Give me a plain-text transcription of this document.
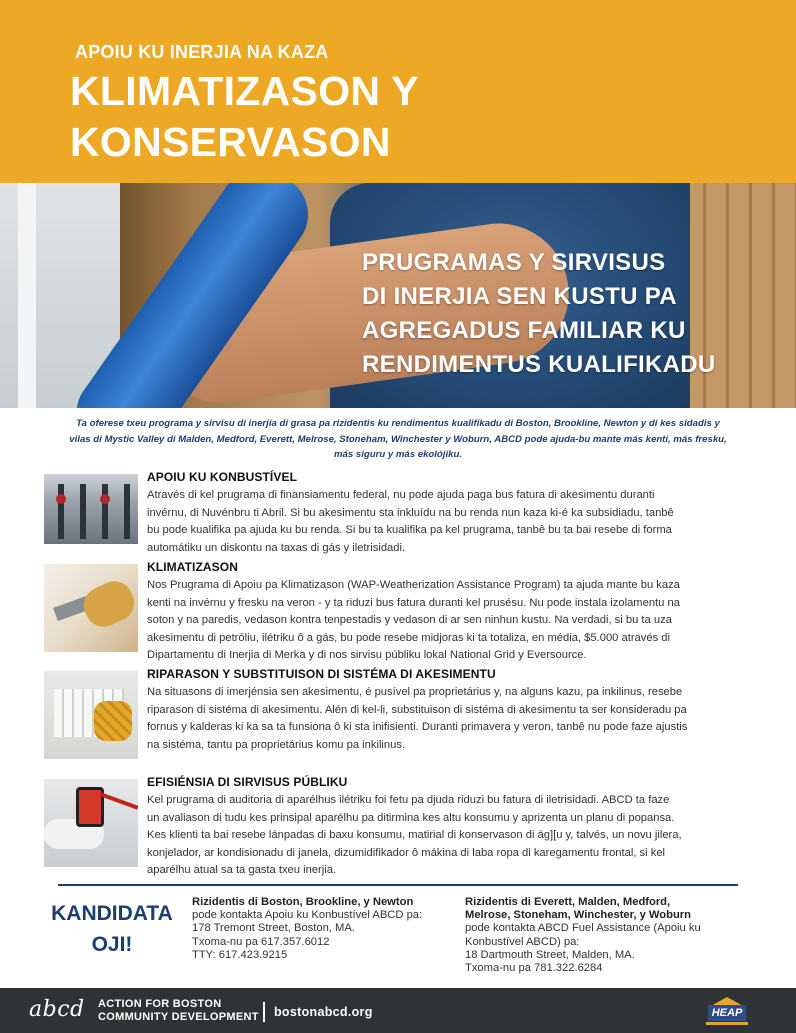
APOIU KU INERJIA NA KAZA
KLIMATIZASON Y
KONSERVASON
PRUGRAMAS Y SIRVISUS
DI INERJIA SEN KUSTU PA
AGREGADUS FAMILIAR KU
RENDIMENTUS KUALIFIKADU
Ta oferese txeu programa y sirvisu di inerjia di grasa pa rizidentis ku rendimentus kualifikadu di Boston, Brookline, Newton y di kes sidadis y
vilas di Mystic Valley di Malden, Medford, Everett, Melrose, Stoneham, Winchester y Woburn, ABCD pode ajuda-bu mante más kenti, más fresku,
más siguru y más ekolójiku.
APOIU KU KONBUSTÍVEL

Através di kel prugrama di finansiamentu federal, nu pode ajuda paga bus fatura di akesimentu duranti
invérnu, di Nuvénbru ti Abril. Si bu akesimentu sta inkluídu na bu renda nun kaza ki-é ka subsidiadu, tanbê
bu pode kualifika pa ajuda ku bu renda. Si bu ta kualifika pa kel prugrama, tanbê bu ta bai resebe di forma
automátiku un diskontu na taxas di gás y iletrisidadi.

KLIMATIZASON

Nos Prugrama di Apoiu pa Klimatizason (WAP-Weatherization Assistance Program) ta ajuda mante bu kaza
kenti na invérnu y fresku na veron - y ta riduzi bus fatura duranti kel prusésu. Nu pode instala izolamentu na
soton y na paredis, vedason kontra tenpestadis y vedason di ar sen ninhun kustu. Na verdadi, si bu ta uza
akesimentu di petróliu, ilétriku ô a gás, bu pode resebe midjoras ki ta totaliza, en média, $5.000 através di
Dipartamentu di Inerjia di Merka y di nos sirvisu públiku lokal National Grid y Eversource.

RIPARASON Y SUBSTITUISON DI SISTÉMA DI AKESIMENTU

Na situasons di imerjénsia sen akesimentu, é pusível pa proprietárius y, na alguns kazu, pa inkilinus, resebe
riparason di sistéma di akesimentu. Alén di kel-li, substituison di sistéma di akesimentu ta ser konsideradu pa
fornus y kalderas ki ka sa ta funsiona ô ki sta inifisienti. Duranti primavera y veron, tanbê nu pode faze ajustis
na sistéma, tantu pa proprietárius komu pa inkilinus.

EFISIÉNSIA DI SIRVISUS PÚBLIKU

Kel prugrama di auditoria di aparélhus ilétriku foi fetu pa djuda riduzi bu fatura di iletrisidadi. ABCD ta faze
un avaliason di tudu kes prinsipal aparélhu pa ditirmina kes altu konsumu y aprizenta un planu di popansa.
Kes klienti ta bai resebe lánpadas di baxu konsumu, matirial di konservason di ág][u y, talvés, un novu jilera,
konjelador, ar kondisionadu di janela, dizumidifikador ô mákina di laba ropa di karegamentu frontal, si kel
aparélhu atual sa ta gasta txeu inerjia.

KANDIDATA
OJI!
Rizidentis di Boston, Brookline, y Newton
pode kontakta Apoiu ku Konbustível ABCD pa:
178 Tremont Street, Boston, MA.
Txoma-nu pa 617.357.6012
TTY: 617.423.9215
Rizidentis di Everett, Malden, Medford,
Melrose, Stoneham, Winchester, y Woburn
pode kontakta ABCD Fuel Assistance (Apoiu ku
Konbustível ABCD) pa:
18 Dartmouth Street, Malden, MA.
Txoma-nu pa 781.322.6284
abcd ACTION FOR BOSTON
COMMUNITY DEVELOPMENT bostonabcd.org	HEAP
